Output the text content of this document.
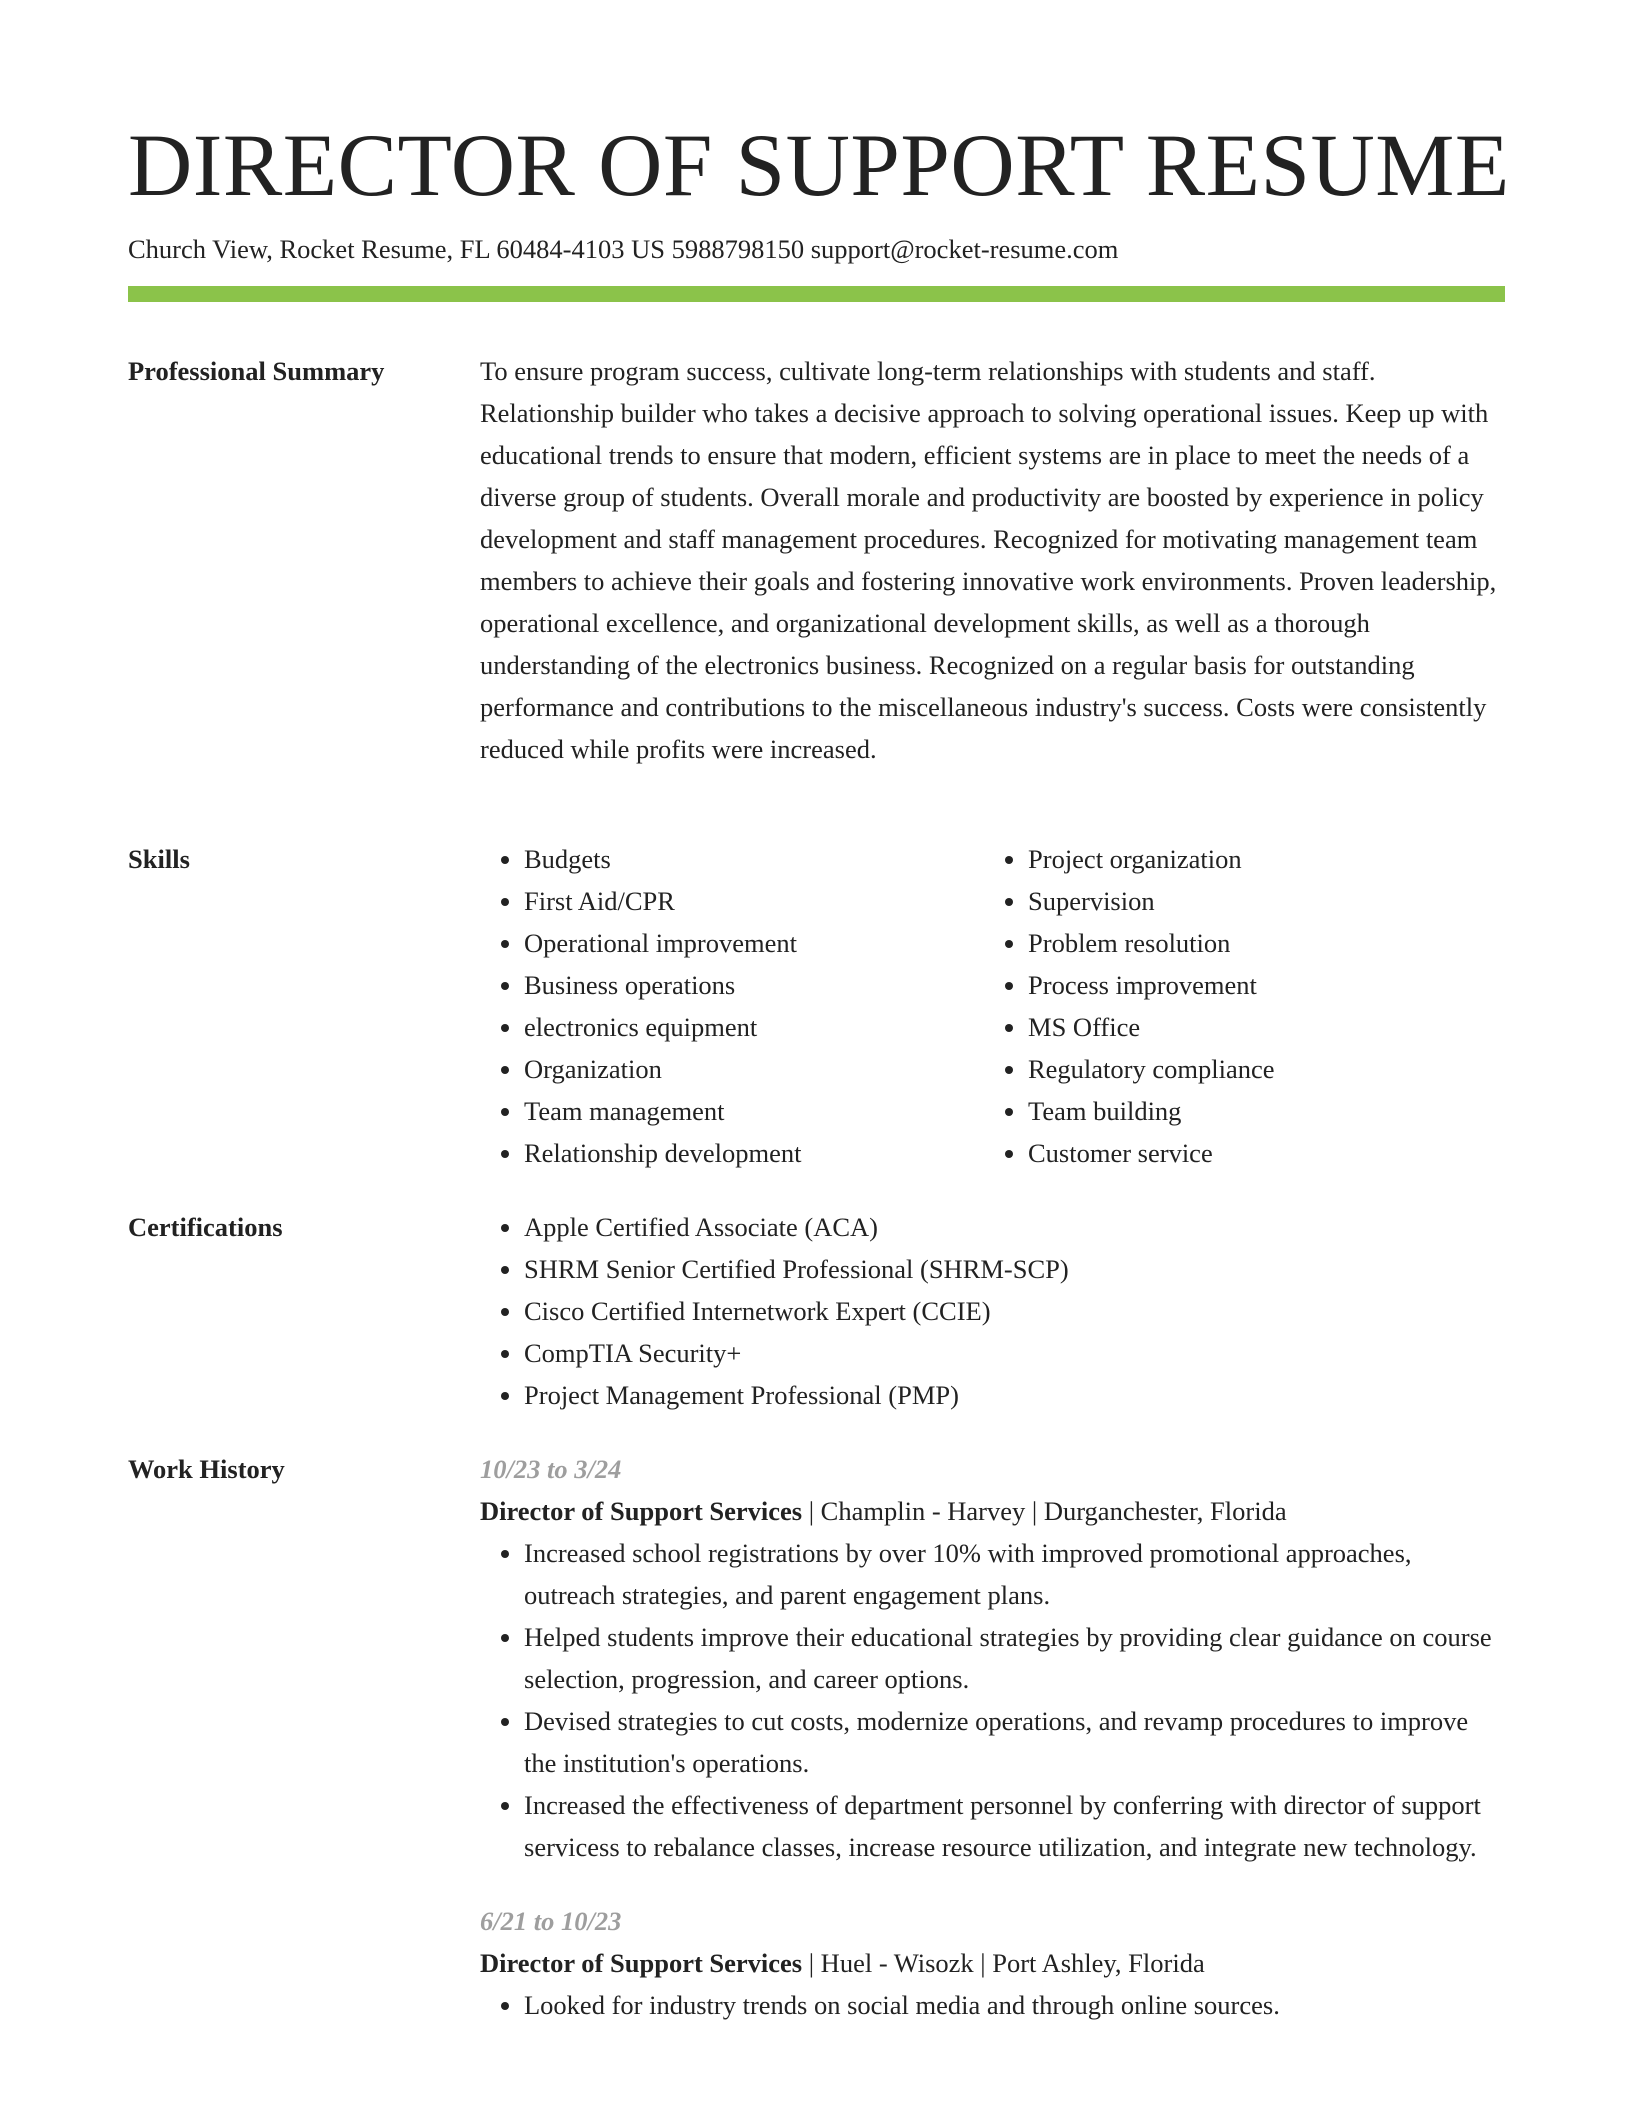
DIRECTOR OF SUPPORT RESUME

Church View, Rocket Resume, FL 60484-4103 US 5988798150 support@rocket-resume.com

Professional Summary	To ensure program success, cultivate long-term relationships with students and staff. Relationship builder who takes a decisive approach to solving operational issues. Keep up with educational trends to ensure that modern, efficient systems are in place to meet the needs of a diverse group of students. Overall morale and productivity are boosted by experience in policy development and staff management procedures. Recognized for motivating management team members to achieve their goals and fostering innovative work environments. Proven leadership, operational excellence, and organizational development skills, as well as a thorough understanding of the electronics business. Recognized on a regular basis for outstanding performance and contributions to the miscellaneous industry's success. Costs were consistently reduced while profits were increased.

Skills	• Budgets
• First Aid/CPR
• Operational improvement
• Business operations
• electronics equipment
• Organization
• Team management
• Relationship development
• Project organization
• Supervision
• Problem resolution
• Process improvement
• MS Office
• Regulatory compliance
• Team building
• Customer service
Certifications	• Apple Certified Associate (ACA)
• SHRM Senior Certified Professional (SHRM-SCP)
• Cisco Certified Internetwork Expert (CCIE)
• CompTIA Security+
• Project Management Professional (PMP)
Work History	10/23 to 3/24

Director of Support Services | Champlin - Harvey | Durganchester, Florida

• Increased school registrations by over 10% with improved promotional approaches, outreach strategies, and parent engagement plans.
• Helped students improve their educational strategies by providing clear guidance on course selection, progression, and career options.
• Devised strategies to cut costs, modernize operations, and revamp procedures to improve the institution's operations.
• Increased the effectiveness of department personnel by conferring with director of support servicess to rebalance classes, increase resource utilization, and integrate new technology.

6/21 to 10/23

Director of Support Services | Huel - Wisozk | Port Ashley, Florida

• Looked for industry trends on social media and through online sources.
